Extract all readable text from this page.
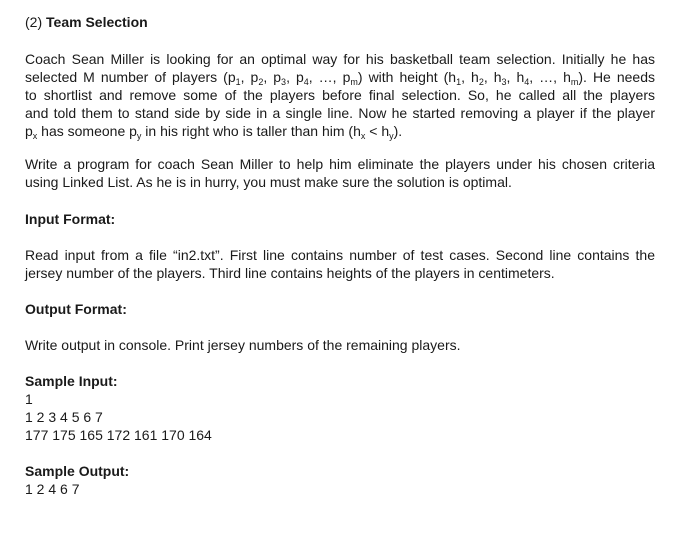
(2) Team Selection

Coach Sean Miller is looking for an optimal way for his basketball team selection. Initially he has
selected M number of players ($p_1$, $p_2$, $p_3$, $p_4$, …, $p_m$) with height ($h_1$, $h_2$, $h_3$, $h_4$, …, $h_m$). He needs
to shortlist and remove some of the players before final selection. So, he called all the players
and told them to stand side by side in a single line. Now he started removing a player if the player
$p_x$ has someone $p_y$ in his right who is taller than him $(h_x < h_y)$.
Write a program for coach Sean Miller to help him eliminate the players under his chosen criteria
using Linked List. As he is in hurry, you must make sure the solution is optimal.

Input Format:

Read input from a file “in2.txt”. First line contains number of test cases. Second line contains the
jersey number of the players. Third line contains heights of the players in centimeters.

Output Format:

Write output in console. Print jersey numbers of the remaining players.

Sample Input:

1
1 2 3 4 5 6 7
177 175 165 172 161 170 164

Sample Output:

1 2 4 6 7
